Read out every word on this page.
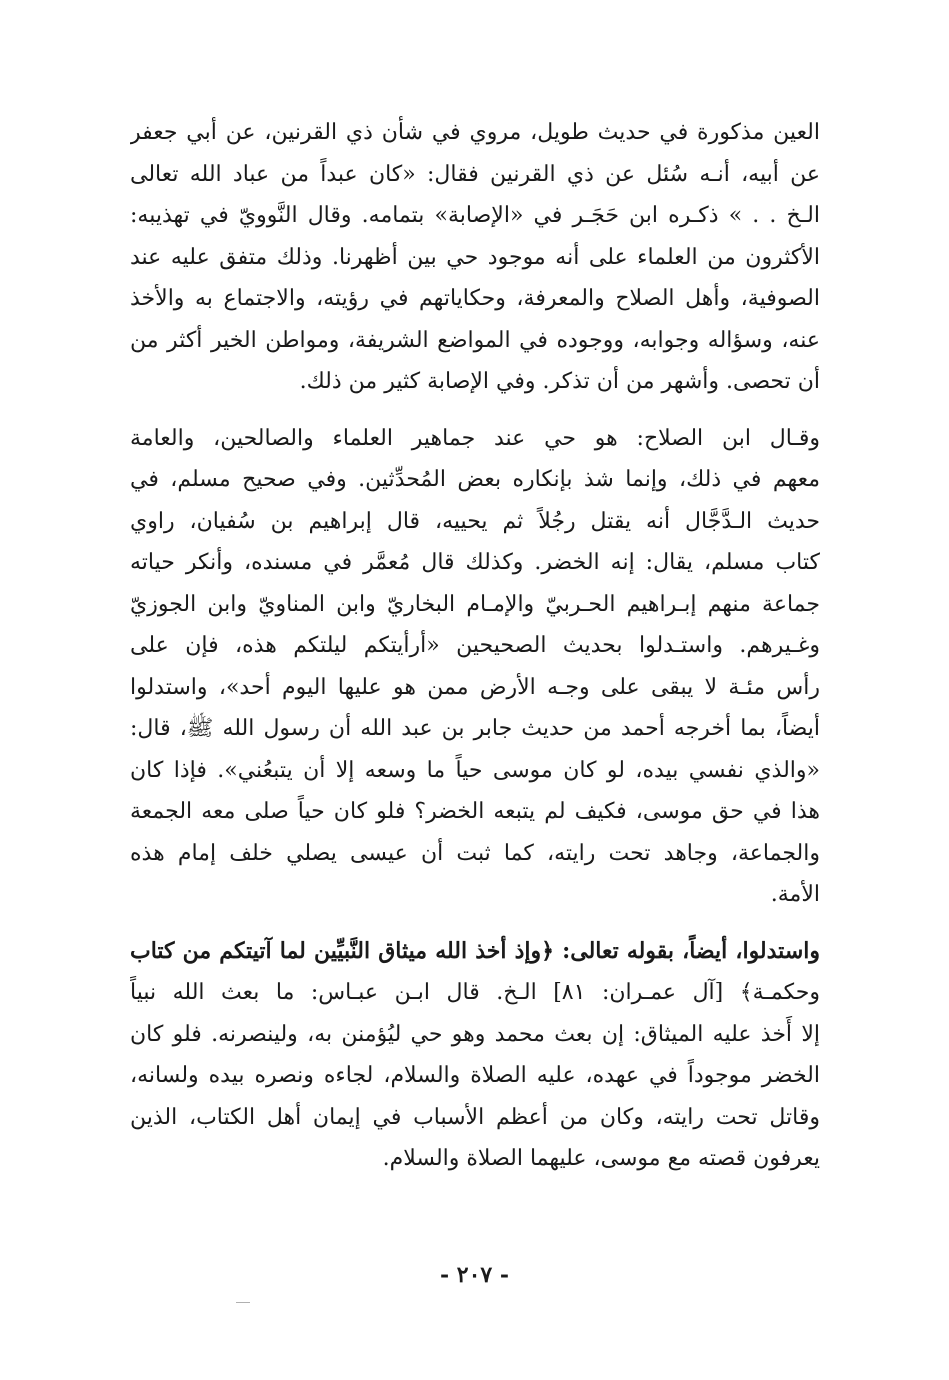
العين مذكورة في حديث طويل، مروي في شأن ذي القرنين، عن أبي جعفر
عن أبيه، أنـه سُئل عن ذي القرنين فقال: «كان عبداً من عباد الله تعالى
الـخ . . » ذكـره ابن حَجَـر في «الإصابة» بتمامه. وقال النَّوويّ في تهذيبه:
الأكثرون من العلماء على أنه موجود حي بين أظهرنا. وذلك متفق عليه عند
الصوفية، وأهل الصلاح والمعرفة، وحكاياتهم في رؤيته، والاجتماع به والأخذ
عنه، وسؤاله وجوابه، ووجوده في المواضع الشريفة، ومواطن الخير أكثر من
أن تحصى. وأشهر من أن تذكر. وفي الإصابة كثير من ذلك.
وقـال ابن الصلاح: هو حي عند جماهير العلماء والصالحين، والعامة
معهم في ذلك، وإنما شذ بإنكاره بعض المُحدِّثين. وفي صحيح مسلم، في
حديث الـدَّجَّال أنه يقتل رجُلاً ثم يحييه، قال إبراهيم بن سُفيان، راوي
كتاب مسلم، يقال: إنه الخضر. وكذلك قال مُعمَّر في مسنده، وأنكر حياته
جماعة منهم إبـراهيم الحـربيّ والإمـام البخاريّ وابن المناويّ وابن الجوزيّ
وغـيرهم. واستـدلوا بحديث الصحيحين «أرأيتكم ليلتكم هذه، فإن على
رأس مئـة لا يبقى على وجـه الأرض ممن هو عليها اليوم أحد»، واستدلوا
أيضاً، بما أخرجه أحمد من حديث جابر بن عبد الله أن رسول الله ﷺ، قال:
«والذي نفسي بيده، لو كان موسى حياً ما وسعه إلا أن يتبعُني». فإذا كان
هذا في حق موسى، فكيف لم يتبعه الخضر؟ فلو كان حياً صلى معه الجمعة
والجماعة، وجاهد تحت رايته، كما ثبت أن عيسى يصلي خلف إمام هذه
الأمة.
واستدلوا، أيضاً، بقوله تعالى: ﴿وإذ أخذ الله ميثاق النَّبيِّين لما آتيتكم من كتاب
وحكمـة﴾ [آل عمـران: ٨١] الـخ. قال ابـن عبـاس: ما بعث الله نبياً
إلا أَخذ عليه الميثاق: إن بعث محمد وهو حي ليُؤمنن به، ولينصرنه. فلو كان
الخضر موجوداً في عهده، عليه الصلاة والسلام، لجاءه ونصره بيده ولسانه،
وقاتل تحت رايته، وكان من أعظم الأسباب في إيمان أهل الكتاب، الذين
يعرفون قصته مع موسى، عليهما الصلاة والسلام.
- ٢٠٧ -
